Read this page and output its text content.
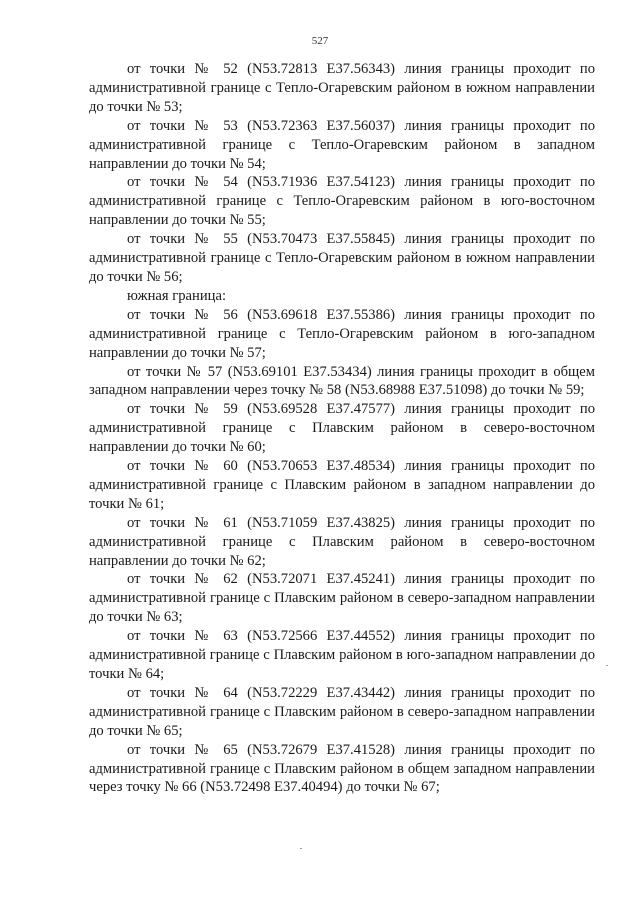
527

от точки № 52 (N53.72813 E37.56343) линия границы проходит по административной границе с Тепло-Огаревским районом в южном направлении до точки № 53;

от точки № 53 (N53.72363 E37.56037) линия границы проходит по административной границе с Тепло-Огаревским районом в западном направлении до точки № 54;

от точки № 54 (N53.71936 E37.54123) линия границы проходит по административной границе с Тепло-Огаревским районом в юго-восточном направлении до точки № 55;

от точки № 55 (N53.70473 E37.55845) линия границы проходит по административной границе с Тепло-Огаревским районом в южном направлении до точки № 56;

южная граница:

от точки № 56 (N53.69618 E37.55386) линия границы проходит по административной границе с Тепло-Огаревским районом в юго-западном направлении до точки № 57;

от точки № 57 (N53.69101 E37.53434) линия границы проходит в общем западном направлении через точку № 58 (N53.68988 E37.51098) до точки № 59;

от точки № 59 (N53.69528 E37.47577) линия границы проходит по административной границе с Плавским районом в северо-восточном направлении до точки № 60;

от точки № 60 (N53.70653 E37.48534) линия границы проходит по административной границе с Плавским районом в западном направлении до точки № 61;

от точки № 61 (N53.71059 E37.43825) линия границы проходит по административной границе с Плавским районом в северо-восточном направлении до точки № 62;

от точки № 62 (N53.72071 E37.45241) линия границы проходит по административной границе с Плавским районом в северо-западном направлении до точки № 63;

от точки № 63 (N53.72566 E37.44552) линия границы проходит по административной границе с Плавским районом в юго-западном направлении до точки № 64;

от точки № 64 (N53.72229 E37.43442) линия границы проходит по административной границе с Плавским районом в северо-западном направлении до точки № 65;

от точки № 65 (N53.72679 E37.41528) линия границы проходит по административной границе с Плавским районом в общем западном направлении через точку № 66 (N53.72498 E37.40494) до точки № 67;
